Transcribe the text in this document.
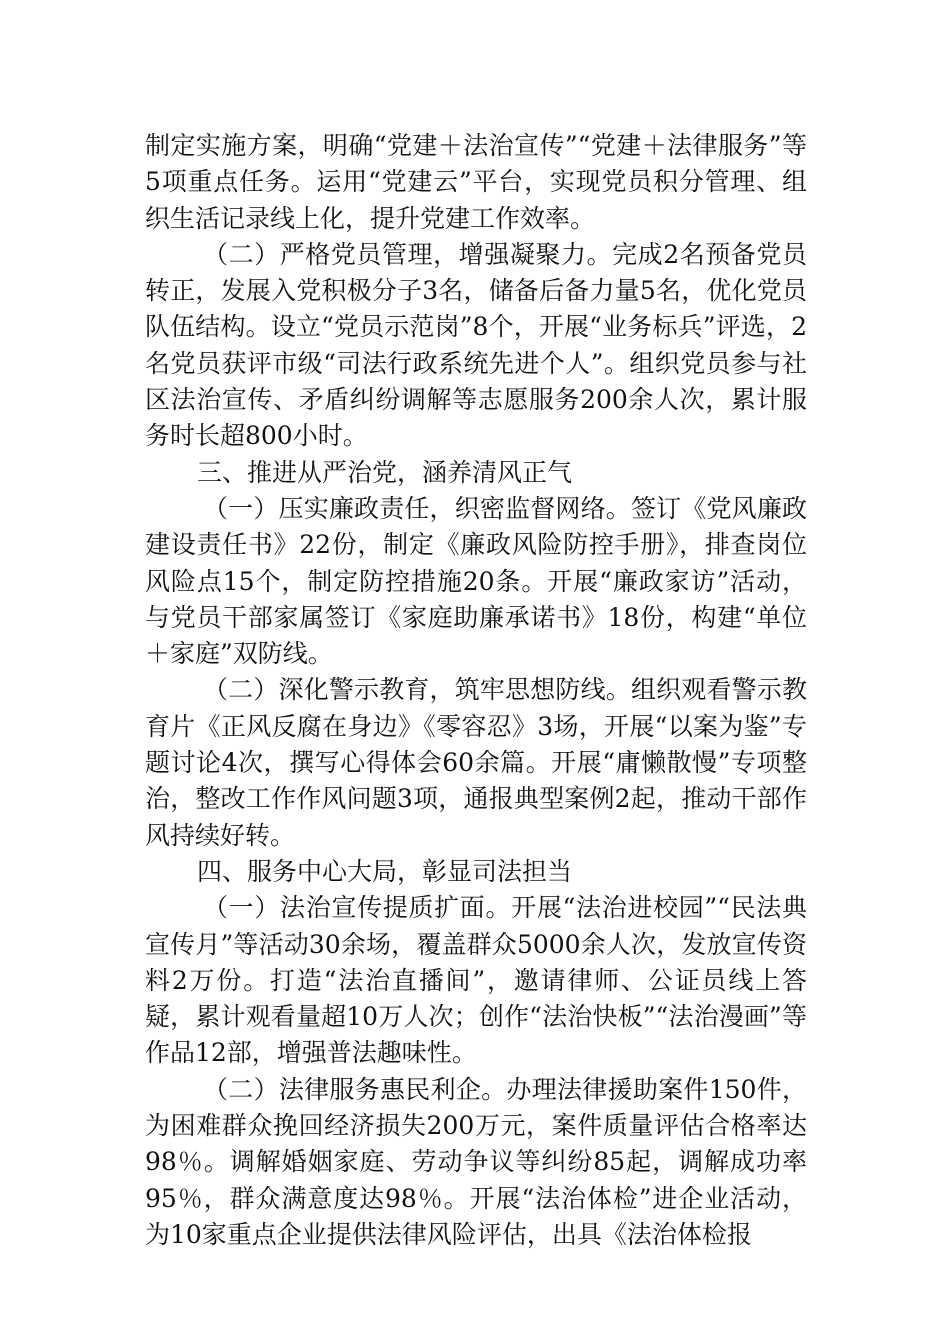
制定实施方案，明确“党建＋法治宣传”“党建＋法律服务”等5项重点任务。运用“党建云”平台，实现党员积分管理、组织生活记录线上化，提升党建工作效率。

（二）严格党员管理，增强凝聚力。完成2名预备党员转正，发展入党积极分子3名，储备后备力量5名，优化党员队伍结构。设立“党员示范岗”8个，开展“业务标兵”评选，2名党员获评市级“司法行政系统先进个人”。组织党员参与社区法治宣传、矛盾纠纷调解等志愿服务200余人次，累计服务时长超800小时。

三、推进从严治党，涵养清风正气

（一）压实廉政责任，织密监督网络。签订《党风廉政建设责任书》22份，制定《廉政风险防控手册》，排查岗位风险点15个，制定防控措施20条。开展“廉政家访”活动，与党员干部家属签订《家庭助廉承诺书》18份，构建“单位＋家庭”双防线。

（二）深化警示教育，筑牢思想防线。组织观看警示教育片《正风反腐在身边》《零容忍》3场，开展“以案为鉴”专题讨论4次，撰写心得体会60余篇。开展“庸懒散慢”专项整治，整改工作作风问题3项，通报典型案例2起，推动干部作风持续好转。

四、服务中心大局，彰显司法担当

（一）法治宣传提质扩面。开展“法治进校园”“民法典宣传月”等活动30余场，覆盖群众5000余人次，发放宣传资料2万份。打造“法治直播间”，邀请律师、公证员线上答疑，累计观看量超10万人次；创作“法治快板”“法治漫画”等作品12部，增强普法趣味性。

（二）法律服务惠民利企。办理法律援助案件150件，为困难群众挽回经济损失200万元，案件质量评估合格率达98％。调解婚姻家庭、劳动争议等纠纷85起，调解成功率95％，群众满意度达98％。开展“法治体检”进企业活动，为10家重点企业提供法律风险评估，出具《法治体检报
